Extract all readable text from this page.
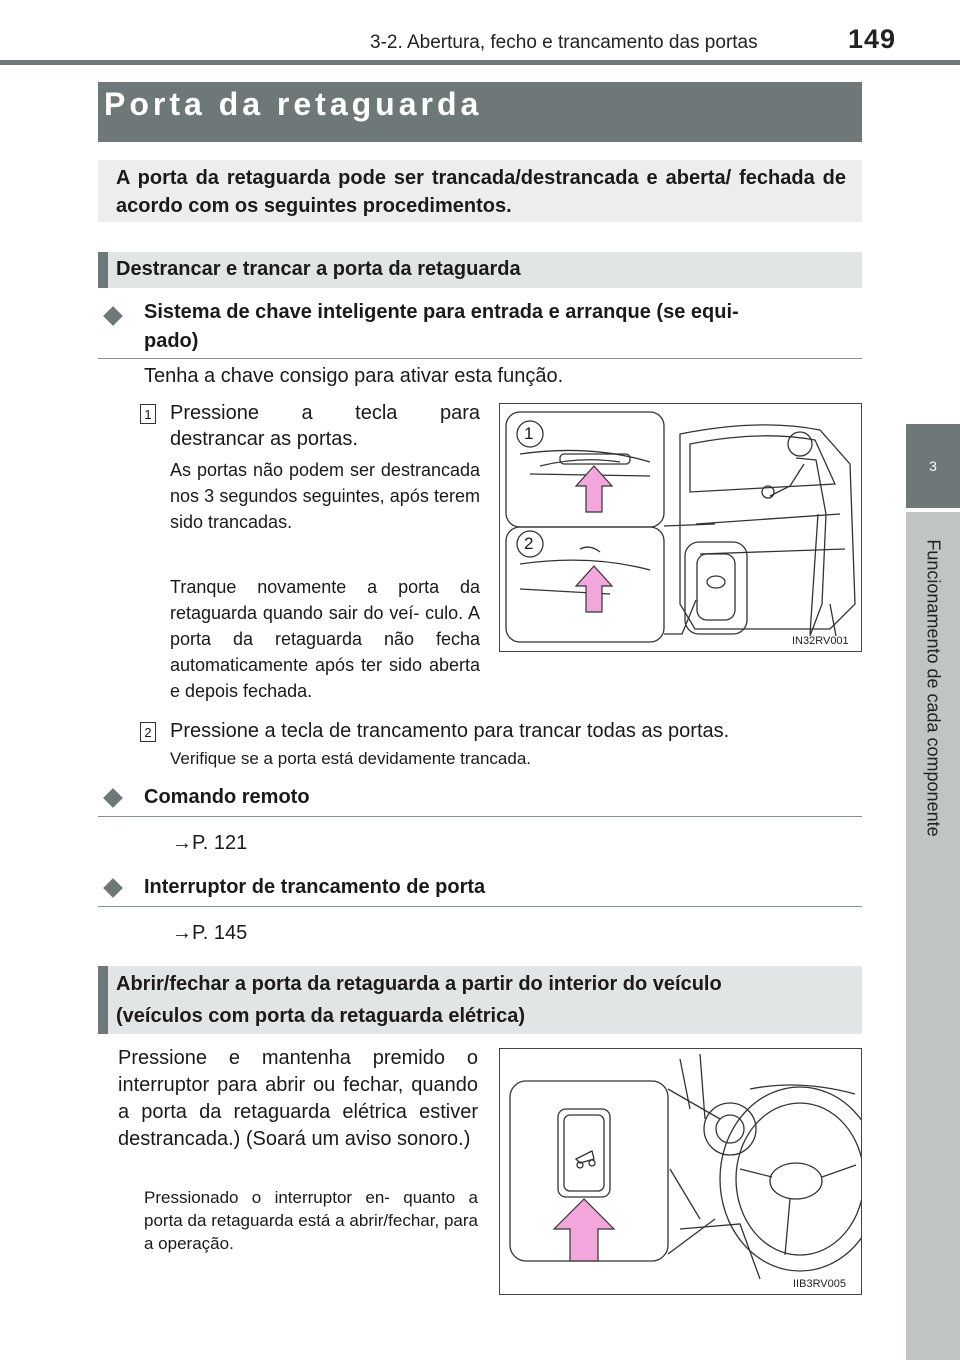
3-2. Abertura, fecho e trancamento das portas	149
3
Funcionamento de cada componente
Porta da retaguarda
A porta da retaguarda pode ser trancada/destrancada e aberta/ fechada de acordo com os seguintes procedimentos.
Destrancar e trancar a porta da retaguarda
Sistema de chave inteligente para entrada e arranque (se equi-
pado)
Tenha a chave consigo para ativar esta função.
1 Pressione a tecla para
destrancar as portas.
As portas não podem ser destrancada nos 3 segundos seguintes, após terem sido trancadas.
Tranque novamente a porta da retaguarda quando sair do veí- culo. A porta da retaguarda não fecha automaticamente após ter sido aberta e depois fechada.
1
2
IN32RV001
2 Pressione a tecla de trancamento para trancar todas as portas.
Verifique se a porta está devidamente trancada.
Comando remoto
→P. 121
Interruptor de trancamento de porta
→P. 145
Abrir/fechar a porta da retaguarda a partir do interior do veículo
(veículos com porta da retaguarda elétrica)
Pressione e mantenha premido o interruptor para abrir ou fechar, quando a porta da retaguarda elétrica estiver destrancada.) (Soará um aviso sonoro.)
Pressionado o interruptor en- quanto a porta da retaguarda está a abrir/fechar, para a operação.
IIB3RV005
